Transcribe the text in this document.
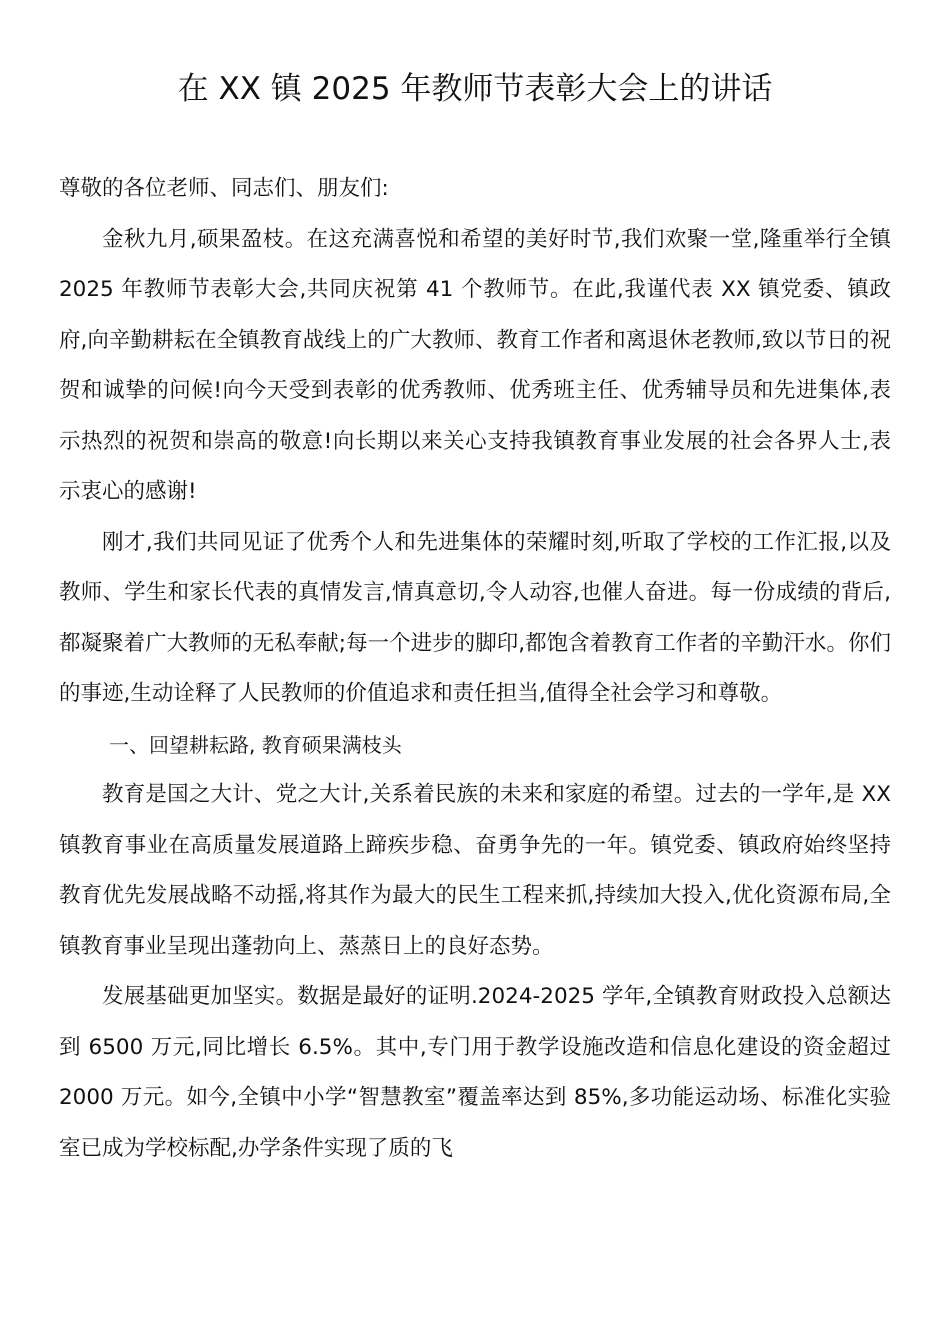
在 XX 镇 2025 年教师节表彰大会上的讲话

尊敬的各位老师、同志们、朋友们:

金秋九月,硕果盈枝。在这充满喜悦和希望的美好时节,我们欢聚一堂,隆重举行全镇 2025 年教师节表彰大会,共同庆祝第 41 个教师节。在此,我谨代表 XX 镇党委、镇政府,向辛勤耕耘在全镇教育战线上的广大教师、教育工作者和离退休老教师,致以节日的祝贺和诚挚的问候!向今天受到表彰的优秀教师、优秀班主任、优秀辅导员和先进集体,表示热烈的祝贺和崇高的敬意!向长期以来关心支持我镇教育事业发展的社会各界人士,表示衷心的感谢!

刚才,我们共同见证了优秀个人和先进集体的荣耀时刻,听取了学校的工作汇报,以及教师、学生和家长代表的真情发言,情真意切,令人动容,也催人奋进。每一份成绩的背后,都凝聚着广大教师的无私奉献;每一个进步的脚印,都饱含着教育工作者的辛勤汗水。你们的事迹,生动诠释了人民教师的价值追求和责任担当,值得全社会学习和尊敬。

一、回望耕耘路, 教育硕果满枝头

教育是国之大计、党之大计,关系着民族的未来和家庭的希望。过去的一学年,是 XX 镇教育事业在高质量发展道路上蹄疾步稳、奋勇争先的一年。镇党委、镇政府始终坚持教育优先发展战略不动摇,将其作为最大的民生工程来抓,持续加大投入,优化资源布局,全镇教育事业呈现出蓬勃向上、蒸蒸日上的良好态势。

发展基础更加坚实。数据是最好的证明.2024-2025 学年,全镇教育财政投入总额达到 6500 万元,同比增长 6.5%。其中,专门用于教学设施改造和信息化建设的资金超过 2000 万元。如今,全镇中小学“智慧教室”覆盖率达到 85%,多功能运动场、标准化实验室已成为学校标配,办学条件实现了质的飞
